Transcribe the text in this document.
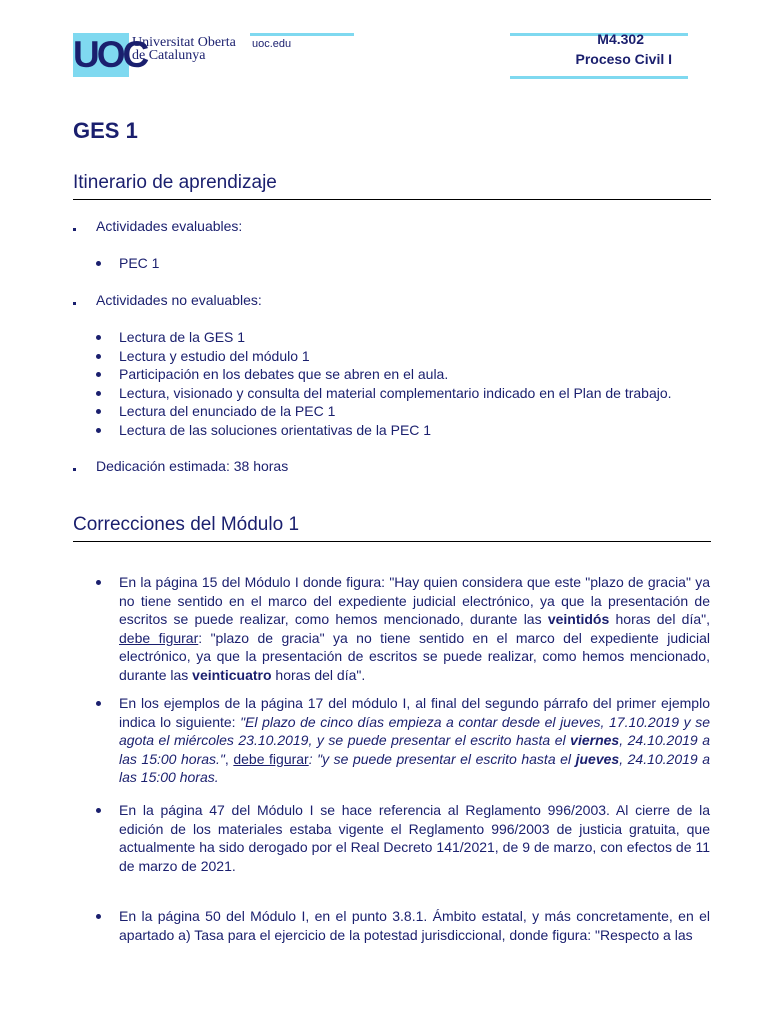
UOC
Universitat Oberta
de Catalunya
uoc.edu	M4.302
Proceso Civil I
GES 1
Itinerario de aprendizaje
Actividades evaluables:
PEC 1
Actividades no evaluables:
Lectura de la GES 1
Lectura y estudio del módulo 1
Participación en los debates que se abren en el aula.
Lectura, visionado y consulta del material complementario indicado en el Plan de trabajo.
Lectura del enunciado de la PEC 1
Lectura de las soluciones orientativas de la PEC 1
Dedicación estimada: 38 horas
Correcciones del Módulo 1
En la página 15 del Módulo I donde figura: "Hay quien considera que este "plazo de gracia" ya no tiene sentido en el marco del expediente judicial electrónico, ya que la presentación de escritos se puede realizar, como hemos mencionado, durante las veintidós horas del día", debe figurar: "plazo de gracia" ya no tiene sentido en el marco del expediente judicial electrónico, ya que la presentación de escritos se puede realizar, como hemos mencionado, durante las veinticuatro horas del día".
En los ejemplos de la página 17 del módulo I, al final del segundo párrafo del primer ejemplo indica lo siguiente: "El plazo de cinco días empieza a contar desde el jueves, 17.10.2019 y se agota el miércoles 23.10.2019, y se puede presentar el escrito hasta el viernes, 24.10.2019 a las 15:00 horas.", debe figurar: "y se puede presentar el escrito hasta el jueves, 24.10.2019 a las 15:00 horas.
En la página 47 del Módulo I se hace referencia al Reglamento 996/2003. Al cierre de la edición de los materiales estaba vigente el Reglamento 996/2003 de justicia gratuita, que actualmente ha sido derogado por el Real Decreto 141/2021, de 9 de marzo, con efectos de 11 de marzo de 2021.
En la página 50 del Módulo I, en el punto 3.8.1. Ámbito estatal, y más concretamente, en el apartado a) Tasa para el ejercicio de la potestad jurisdiccional, donde figura: "Respecto a las
